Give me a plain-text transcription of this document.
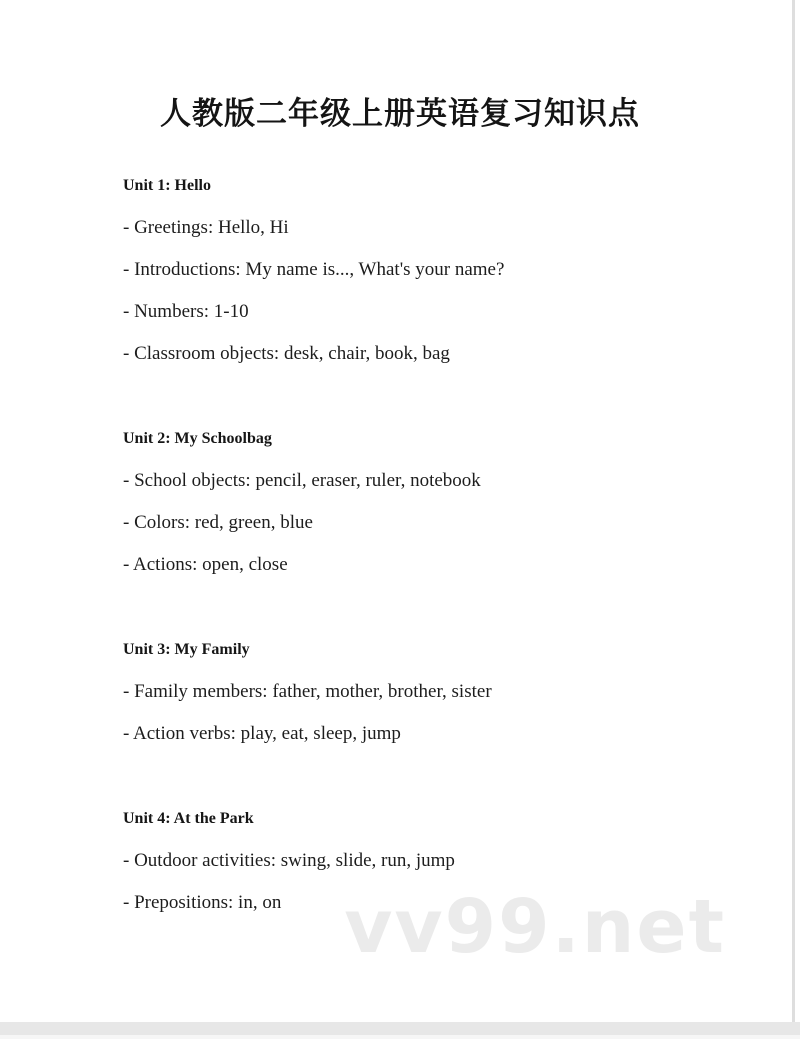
vv99.net
人教版二年级上册英语复习知识点
Unit 1: Hello

- Greetings: Hello, Hi

- Introductions: My name is..., What's your name?

- Numbers: 1-10

- Classroom objects: desk, chair, book, bag

Unit 2: My Schoolbag

- School objects: pencil, eraser, ruler, notebook

- Colors: red, green, blue

- Actions: open, close

Unit 3: My Family

- Family members: father, mother, brother, sister

- Action verbs: play, eat, sleep, jump

Unit 4: At the Park

- Outdoor activities: swing, slide, run, jump

- Prepositions: in, on
